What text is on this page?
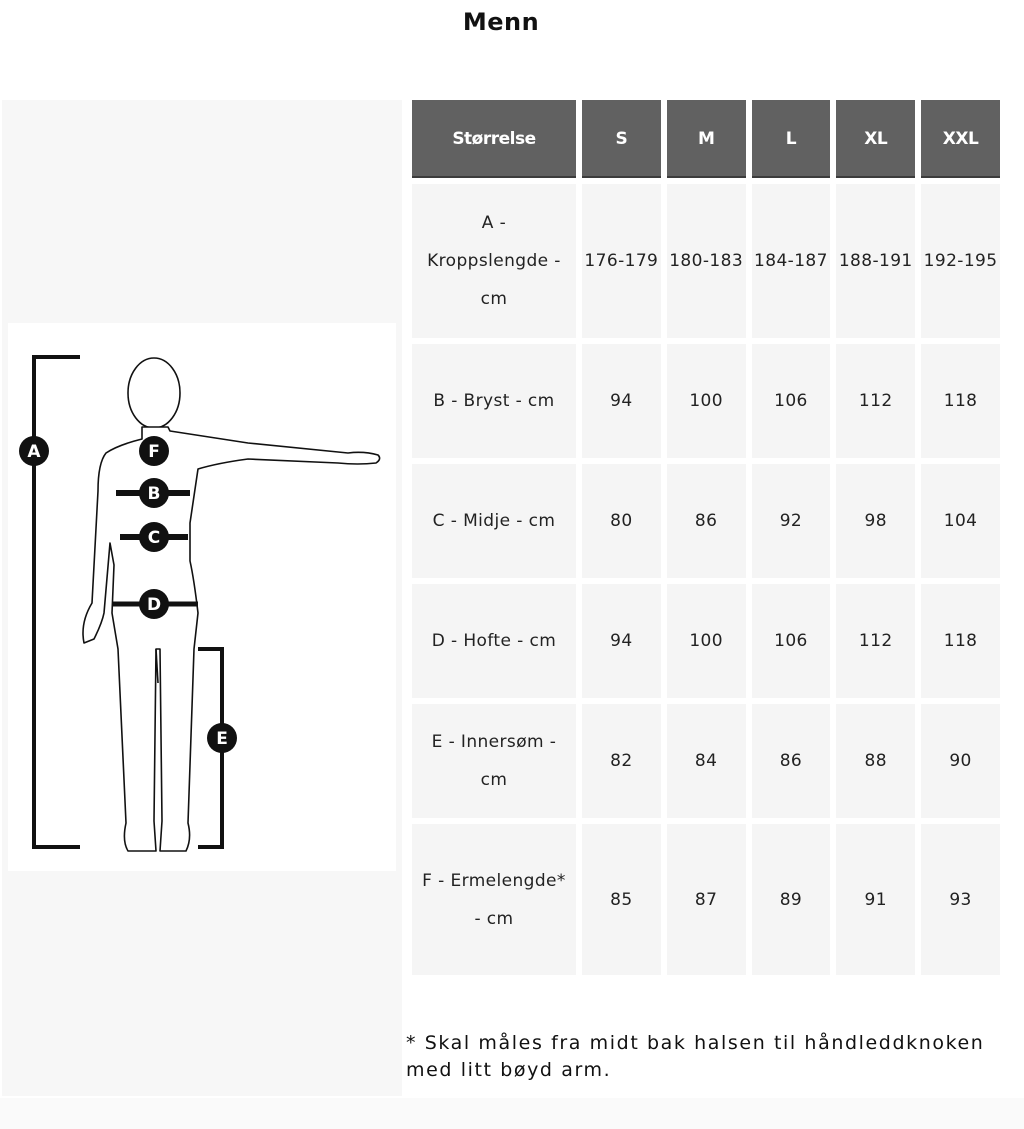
Menn
A	F
B
C
D
E
Størrelse	S	M	L	XL	XXL
A - Kroppslengde - cm	176-179	180-183	184-187	188-191	192-195
B - Bryst - cm	94	100	106	112	118
C - Midje - cm	80	86	92	98	104
D - Hofte - cm	94	100	106	112	118
E - Innersøm - cm	82	84	86	88	90
F - Ermelengde* - cm	85	87	89	91	93
* Skal måles fra midt bak halsen til håndleddknoken med litt bøyd arm.
